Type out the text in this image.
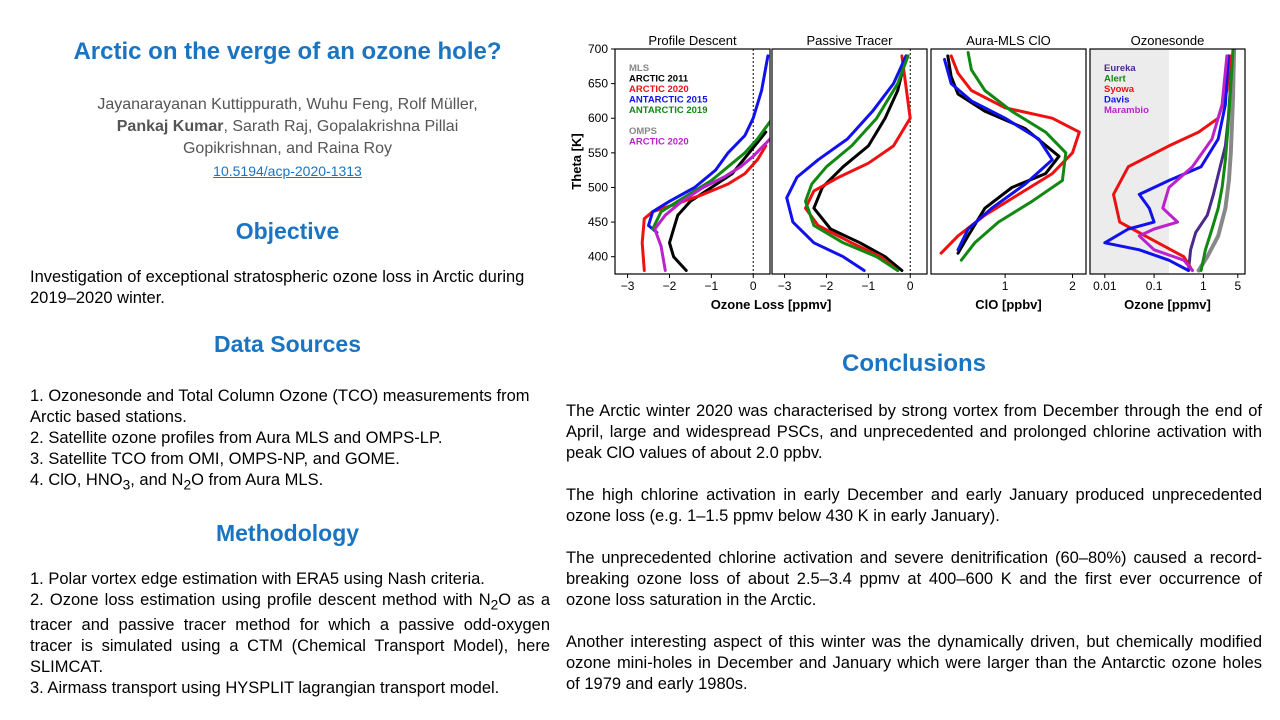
Arctic on the verge of an ozone hole?
Jayanarayanan Kuttippurath, Wuhu Feng, Rolf Müller,
Pankaj Kumar, Sarath Raj, Gopalakrishna Pillai
Gopikrishnan, and Raina Roy
10.5194/acp-2020-1313
Objective

Investigation of exceptional stratospheric ozone loss in Arctic during 2019–2020 winter.

Data Sources
1. Ozonesonde and Total Column Ozone (TCO) measurements from Arctic based stations.
2. Satellite ozone profiles from Aura MLS and OMPS-LP.
3. Satellite TCO from OMI, OMPS-NP, and GOME.
4. ClO, $HNO_3$, and $N_2O$ from Aura MLS.
Methodology
1. Polar vortex edge estimation with ERA5 using Nash criteria.
2. Ozone loss estimation using profile descent method with $N_2O$ as a tracer and passive tracer method for which a passive odd-oxygen tracer is simulated using a CTM (Chemical Transport Model), here SLIMCAT.
3. Airmass transport using HYSPLIT lagrangian transport model.
Theta [K]
400
450
500
550
600
650
700
Profile Descent
−3 −2 −1	0
Ozone Loss [ppmv]
MLS
ARCTIC 2011
ARCTIC 2020
ANTARCTIC 2015
ANTARCTIC 2019
OMPS
ARCTIC 2020
Passive Tracer
−3 −2 −1	0
Aura-MLS ClO
1	2
ClO [ppbv]
Ozonesonde
0.01 0.1	1 5
Ozone [ppmv]
Eureka
Alert
Syowa
Davis
Marambio
Conclusions

The Arctic winter 2020 was characterised by strong vortex from December through the end of April, large and widespread PSCs, and unprecedented and prolonged chlorine activation with peak ClO values of about 2.0 ppbv.

The high chlorine activation in early December and early January produced unprecedented ozone loss (e.g. 1–1.5 ppmv below 430 K in early January).

The unprecedented chlorine activation and severe denitrification (60–80%) caused a record-breaking ozone loss of about 2.5–3.4 ppmv at 400–600 K and the first ever occurrence of ozone loss saturation in the Arctic.

Another interesting aspect of this winter was the dynamically driven, but chemically modified ozone mini-holes in December and January which were larger than the Antarctic ozone holes of 1979 and early 1980s.
